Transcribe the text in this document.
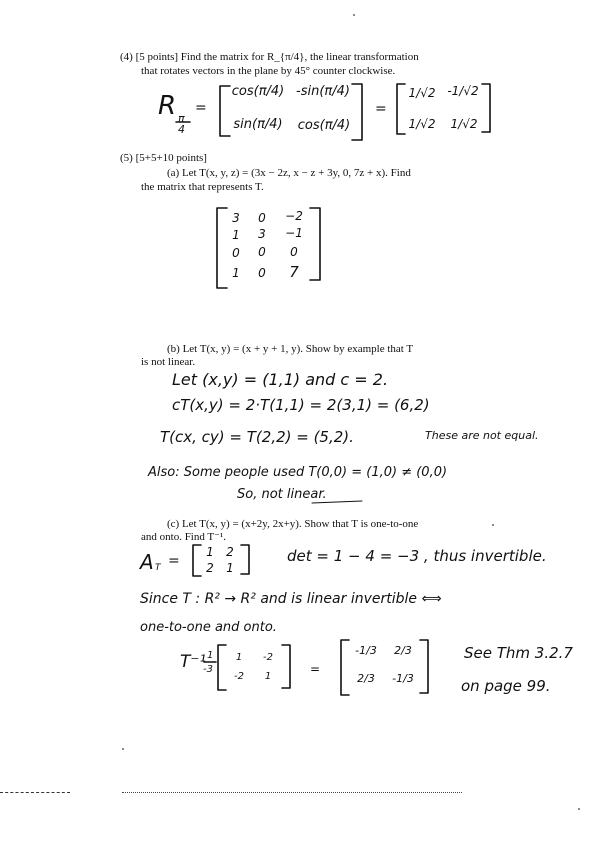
(4) [5 points] Find the matrix for R_{π/4}, the linear transformation
that rotates vectors in the plane by 45° counter clockwise.
R π
4
=
cos(π/4) -sin(π/4)
sin(π/4)	cos(π/4)
=
1/√2 -1/√2
1/√2	1/√2
(5) [5+5+10 points]
(a) Let T(x, y, z) = (3x − 2z, x − z + 3y, 0, 7z + x). Find
the matrix that represents T.
3	0	−2
1	3	−1
0	0	0
1	0	7
(b) Let T(x, y) = (x + y + 1, y). Show by example that T
is not linear.
Let (x,y) = (1,1) and c = 2.
cT(x,y) = 2·T(1,1) = 2(3,1) = (6,2)
T(cx, cy) = T(2,2) = (5,2).	These are not equal.
Also: Some people used T(0,0) = (1,0) ≠ (0,0)
So, not linear.
(c) Let T(x, y) = (x+2y, 2x+y). Show that T is one-to-one
and onto. Find T⁻¹.
A T =
1	2
2	1
det = 1 − 4 = −3 , thus invertible.
Since T : R² → R² and is linear invertible ⟺
one-to-one and onto.
T⁻¹ 1
-3
1	-2
-2	1
=
-1/3	2/3
2/3	-1/3
See Thm 3.2.7
on page 99.
